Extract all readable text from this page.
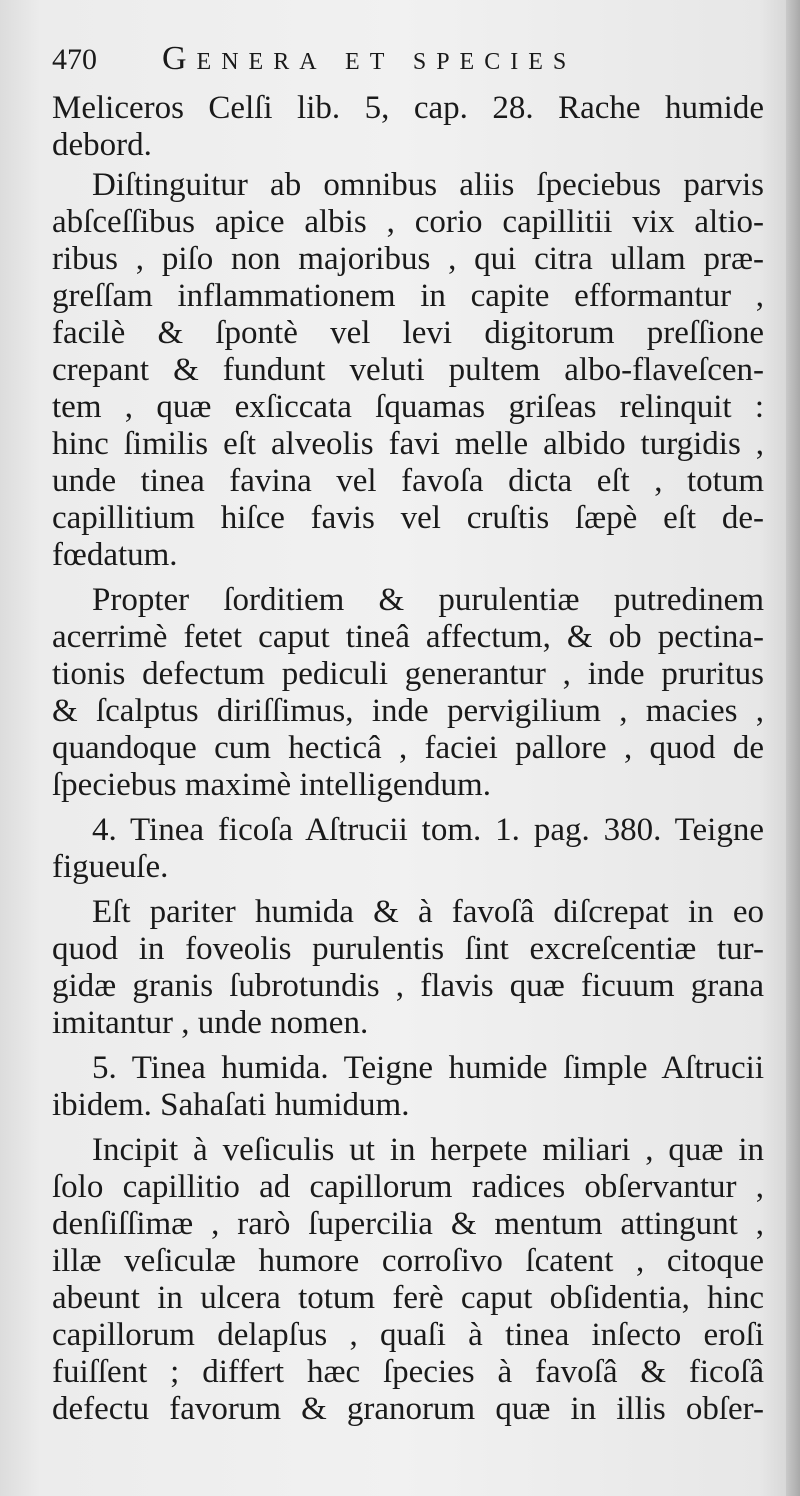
470	Genera et species
Meliceros Celſi lib. 5, cap. 28. Rache humide
debord.
Diſtinguitur ab omnibus aliis ſpeciebus parvis
abſceſſibus apice albis , corio capillitii vix altio-
ribus , piſo non majoribus , qui citra ullam præ-
greſſam inflammationem in capite efformantur ,
facilè & ſpontè vel levi digitorum preſſione
crepant & fundunt veluti pultem albo-flaveſcen-
tem , quæ exſiccata ſquamas griſeas relinquit :
hinc ſimilis eſt alveolis favi melle albido turgidis ,
unde tinea favina vel favoſa dicta eſt , totum
capillitium hiſce favis vel cruſtis ſæpè eſt de-
fœdatum.
Propter ſorditiem & purulentiæ putredinem
acerrimè fetet caput tineâ affectum, & ob pectina-
tionis defectum pediculi generantur , inde pruritus
& ſcalptus diriſſimus, inde pervigilium , macies ,
quandoque cum hecticâ , faciei pallore , quod de
ſpeciebus maximè intelligendum.
4. Tinea ficoſa Aſtrucii tom. 1. pag. 380. Teigne
figueuſe.
Eſt pariter humida & à favoſâ diſcrepat in eo
quod in foveolis purulentis ſint excreſcentiæ tur-
gidæ granis ſubrotundis , flavis quæ ficuum grana
imitantur , unde nomen.
5. Tinea humida. Teigne humide ſimple Aſtrucii
ibidem. Sahaſati humidum.
Incipit à veſiculis ut in herpete miliari , quæ in
ſolo capillitio ad capillorum radices obſervantur ,
denſiſſimæ , rarò ſupercilia & mentum attingunt ,
illæ veſiculæ humore corroſivo ſcatent , citoque
abeunt in ulcera totum ferè caput obſidentia, hinc
capillorum delapſus , quaſi à tinea inſecto eroſi
fuiſſent ; differt hæc ſpecies à favoſâ & ficoſâ
defectu favorum & granorum quæ in illis obſer-
